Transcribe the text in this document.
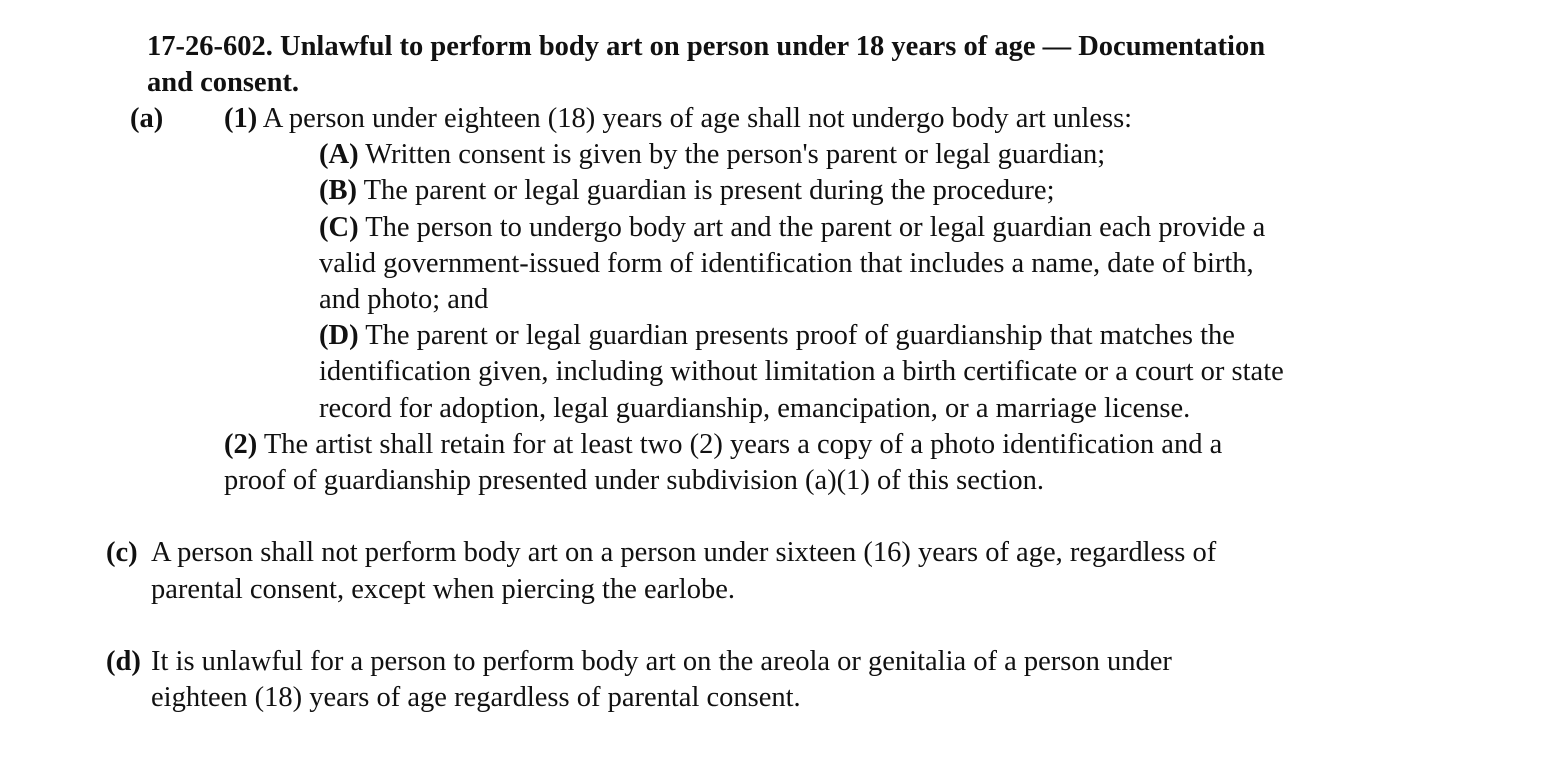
17-26-602. Unlawful to perform body art on person under 18 years of age — Documentation
and consent.
(a) (1) A person under eighteen (18) years of age shall not undergo body art unless:
(A) Written consent is given by the person's parent or legal guardian;
(B) The parent or legal guardian is present during the procedure;
(C) The person to undergo body art and the parent or legal guardian each provide a
valid government-issued form of identification that includes a name, date of birth,
and photo; and
(D) The parent or legal guardian presents proof of guardianship that matches the
identification given, including without limitation a birth certificate or a court or state
record for adoption, legal guardianship, emancipation, or a marriage license.
(2) The artist shall retain for at least two (2) years a copy of a photo identification and a
proof of guardianship presented under subdivision (a)(1) of this section.
(c) A person shall not perform body art on a person under sixteen (16) years of age, regardless of
parental consent, except when piercing the earlobe.
(d) It is unlawful for a person to perform body art on the areola or genitalia of a person under
eighteen (18) years of age regardless of parental consent.
